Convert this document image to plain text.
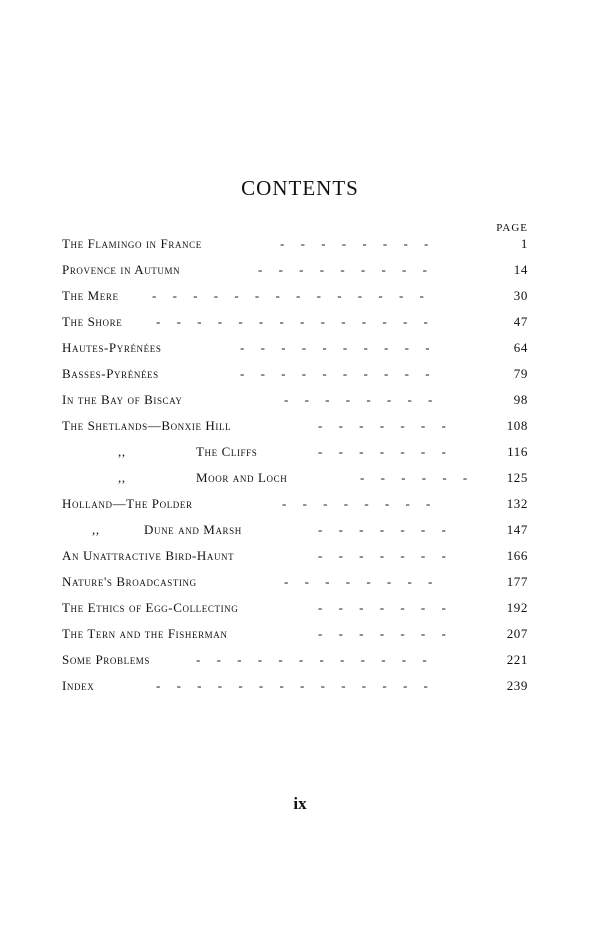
CONTENTS
PAGE
The Flamingo in France	-     -     -     -     -     -     -     -	1
Provence in Autumn	-     -     -     -     -     -     -     -     -	14
The Mere	-     -     -     -     -     -     -     -     -     -     -     -     -     -	30
The Shore	-     -     -     -     -     -     -     -     -     -     -     -     -     -	47
Hautes-Pyrénées	-     -     -     -     -     -     -     -     -     -	64
Basses-Pyrénées	-     -     -     -     -     -     -     -     -     -	79
In the Bay of Biscay	-     -     -     -     -     -     -     -	98
The Shetlands—Bonxie Hill	-     -     -     -     -     -     -	108
,,	The Cliffs	-     -     -     -     -     -     -	116
,,	Moor and Loch	-     -     -     -     -     -	125
Holland—The Polder	-     -     -     -     -     -     -     -	132
,,	Dune and Marsh	-     -     -     -     -     -     -	147
An Unattractive Bird-Haunt	-     -     -     -     -     -     -	166
Nature's Broadcasting	-     -     -     -     -     -     -     -	177
The Ethics of Egg-Collecting	-     -     -     -     -     -     -	192
The Tern and the Fisherman	-     -     -     -     -     -     -	207
Some Problems	-     -     -     -     -     -     -     -     -     -     -     -	221
Index	-     -     -     -     -     -     -     -     -     -     -     -     -     -	239
ix
